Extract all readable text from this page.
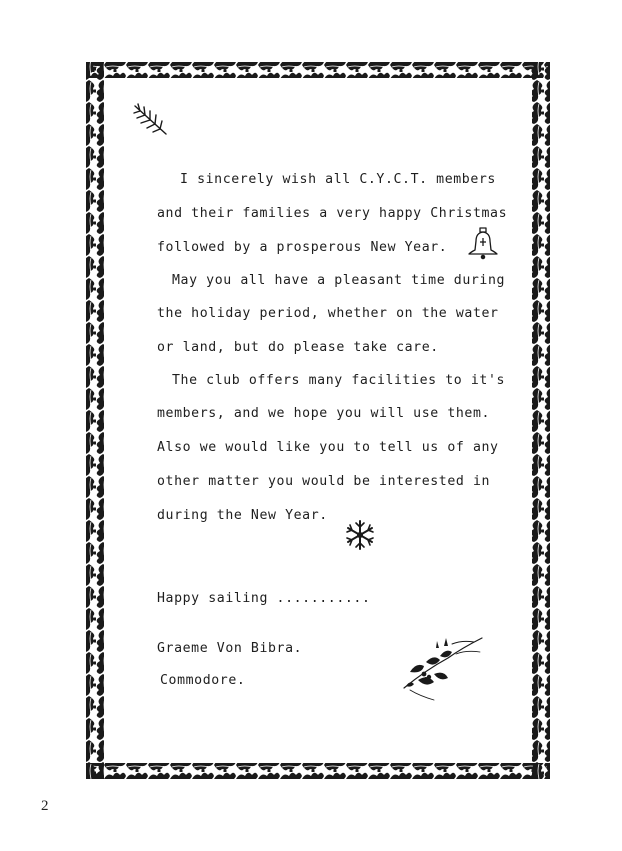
I sincerely wish all C.Y.C.T. members
and their families a very happy Christmas
followed by a prosperous New Year.
May you all have a pleasant time during
the holiday period, whether on the water
or land, but do please take care.
The club offers many facilities to it's
members, and we hope you will use them.
Also we would like you to tell us of any
other matter you would be interested in
during the New Year.
Happy sailing ...........
Graeme Von Bibra.
Commodore.
2
